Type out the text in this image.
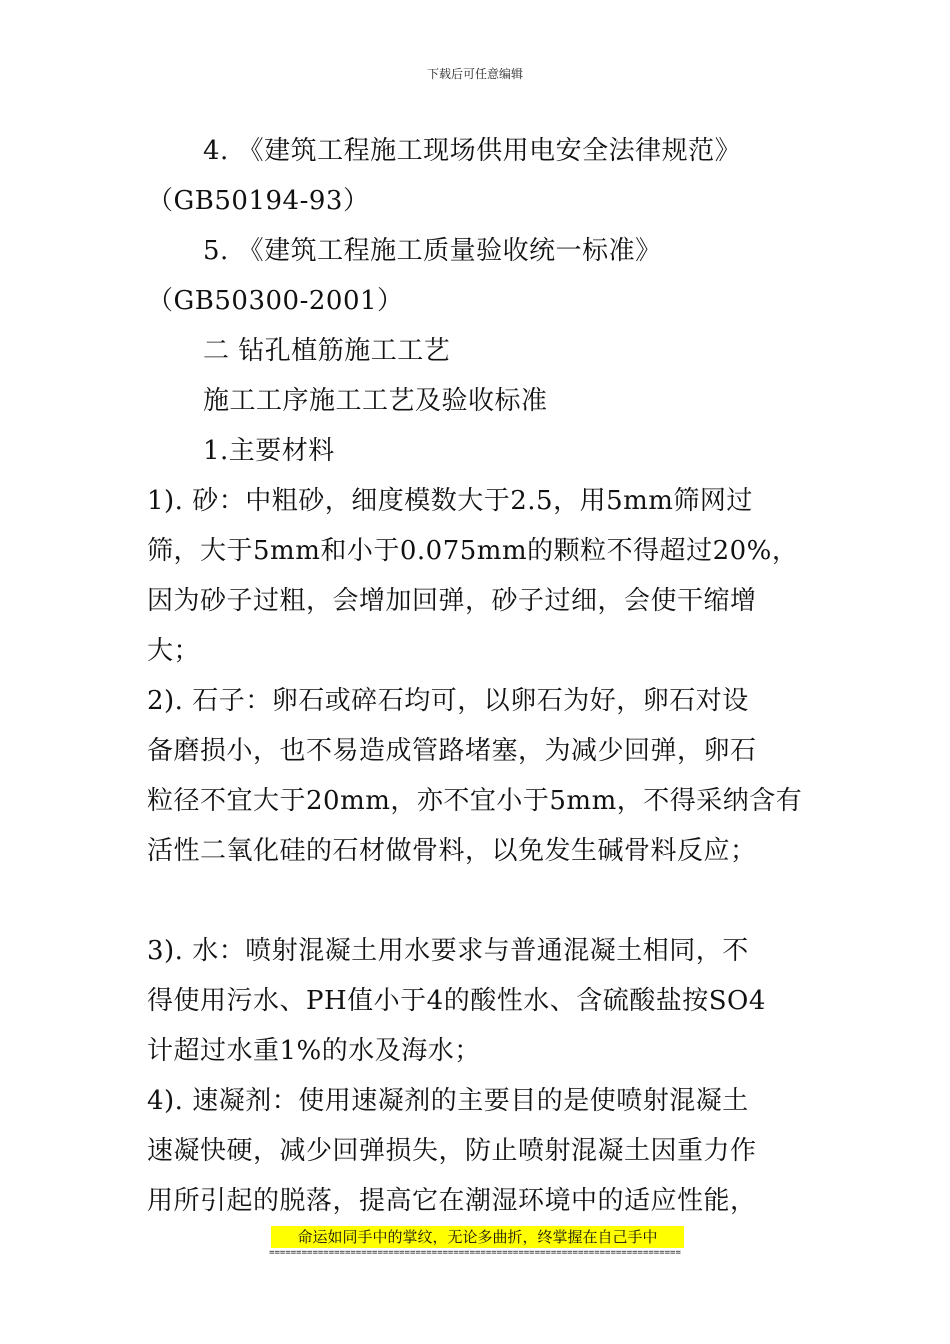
下载后可任意编辑
4. 《建筑工程施工现场供用电安全法律规范》
（GB50194-93）
5. 《建筑工程施工质量验收统一标准》
（GB50300-2001）
二 钻孔植筋施工工艺
施工工序施工工艺及验收标准
1.主要材料
1). 砂：中粗砂，细度模数大于2.5，用5mm筛网过
筛，大于5mm和小于0.075mm的颗粒不得超过20%，
因为砂子过粗，会增加回弹，砂子过细，会使干缩增
大；
2). 石子：卵石或碎石均可，以卵石为好，卵石对设
备磨损小，也不易造成管路堵塞，为减少回弹，卵石
粒径不宜大于20mm，亦不宜小于5mm，不得采纳含有
活性二氧化硅的石材做骨料，以免发生碱骨料反应；
3). 水：喷射混凝土用水要求与普通混凝土相同，不
得使用污水、PH值小于4的酸性水、含硫酸盐按SO4
计超过水重1%的水及海水；
4). 速凝剂：使用速凝剂的主要目的是使喷射混凝土
速凝快硬，减少回弹损失，防止喷射混凝土因重力作
用所引起的脱落，提高它在潮湿环境中的适应性能，
命运如同手中的掌纹，无论多曲折，终掌握在自己手中
============================================================================
